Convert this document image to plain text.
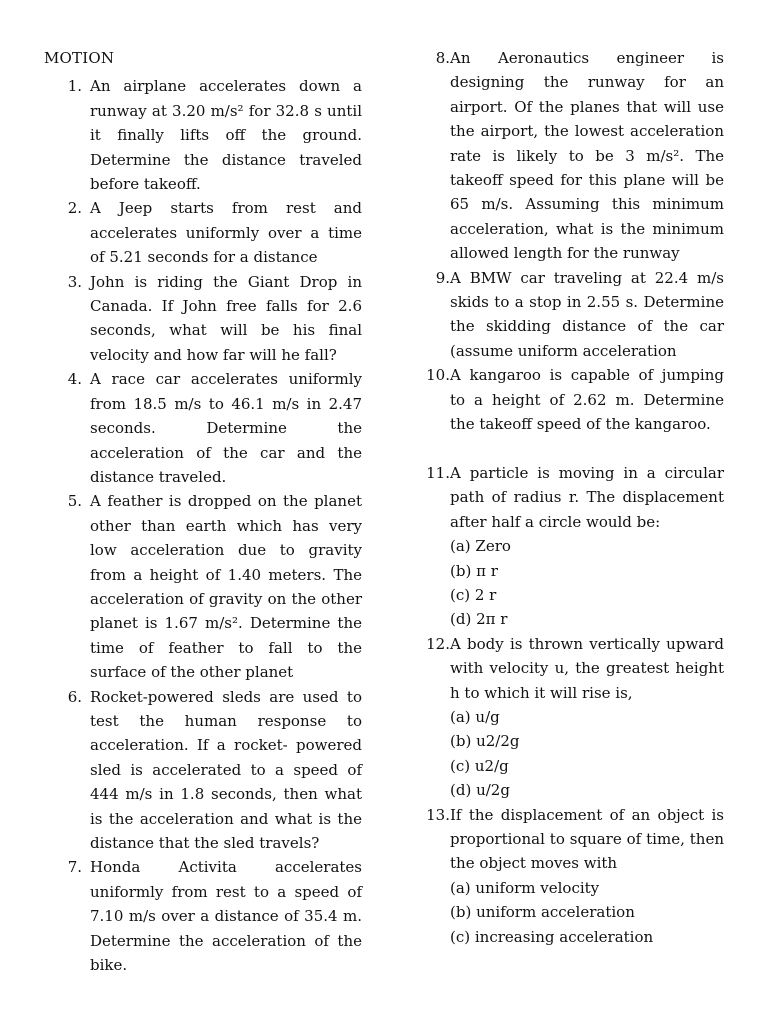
MOTION
1. An airplane accelerates down a runway at 3.20 m/s² for 32.8 s until it finally lifts off the ground. Determine the distance traveled before takeoff.
2. A Jeep starts from rest and accelerates uniformly over a time of 5.21 seconds for a distance
3. John is riding the Giant Drop in Canada. If John free falls for 2.6 seconds, what will be his final velocity and how far will he fall?
4. A race car accelerates uniformly from 18.5 m/s to 46.1 m/s in 2.47 seconds. Determine the acceleration of the car and the distance traveled.
5. A feather is dropped on the planet other than earth which has very low acceleration due to gravity from a height of 1.40 meters. The acceleration of gravity on the other planet is 1.67 m/s². Determine the time of feather to fall to the surface of the other planet
6. Rocket-powered sleds are used to test the human response to acceleration. If a rocket- powered sled is accelerated to a speed of 444 m/s in 1.8 seconds, then what is the acceleration and what is the distance that the sled travels?
7. Honda Activita accelerates uniformly from rest to a speed of 7.10 m/s over a distance of 35.4 m. Determine the acceleration of the bike.
8. An Aeronautics engineer is designing the runway for an airport. Of the planes that will use the airport, the lowest acceleration rate is likely to be 3 m/s². The takeoff speed for this plane will be 65 m/s. Assuming this minimum acceleration, what is the minimum allowed length for the runway
9. A BMW car traveling at 22.4 m/s skids to a stop in 2.55 s. Determine the skidding distance of the car (assume uniform acceleration
10. A kangaroo is capable of jumping to a height of 2.62 m. Determine the takeoff speed of the kangaroo.
11. A particle is moving in a circular path of radius r. The displacement after half a circle would be:
(a) Zero
(b) π r
(c) 2 r
(d) 2π r
12. A body is thrown vertically upward with velocity u, the greatest height h to which it will rise is,
(a) u/g
(b) u2/2g
(c) u2/g
(d) u/2g
13. If the displacement of an object is proportional to square of time, then the object moves with
(a) uniform velocity
(b) uniform acceleration
(c) increasing acceleration
